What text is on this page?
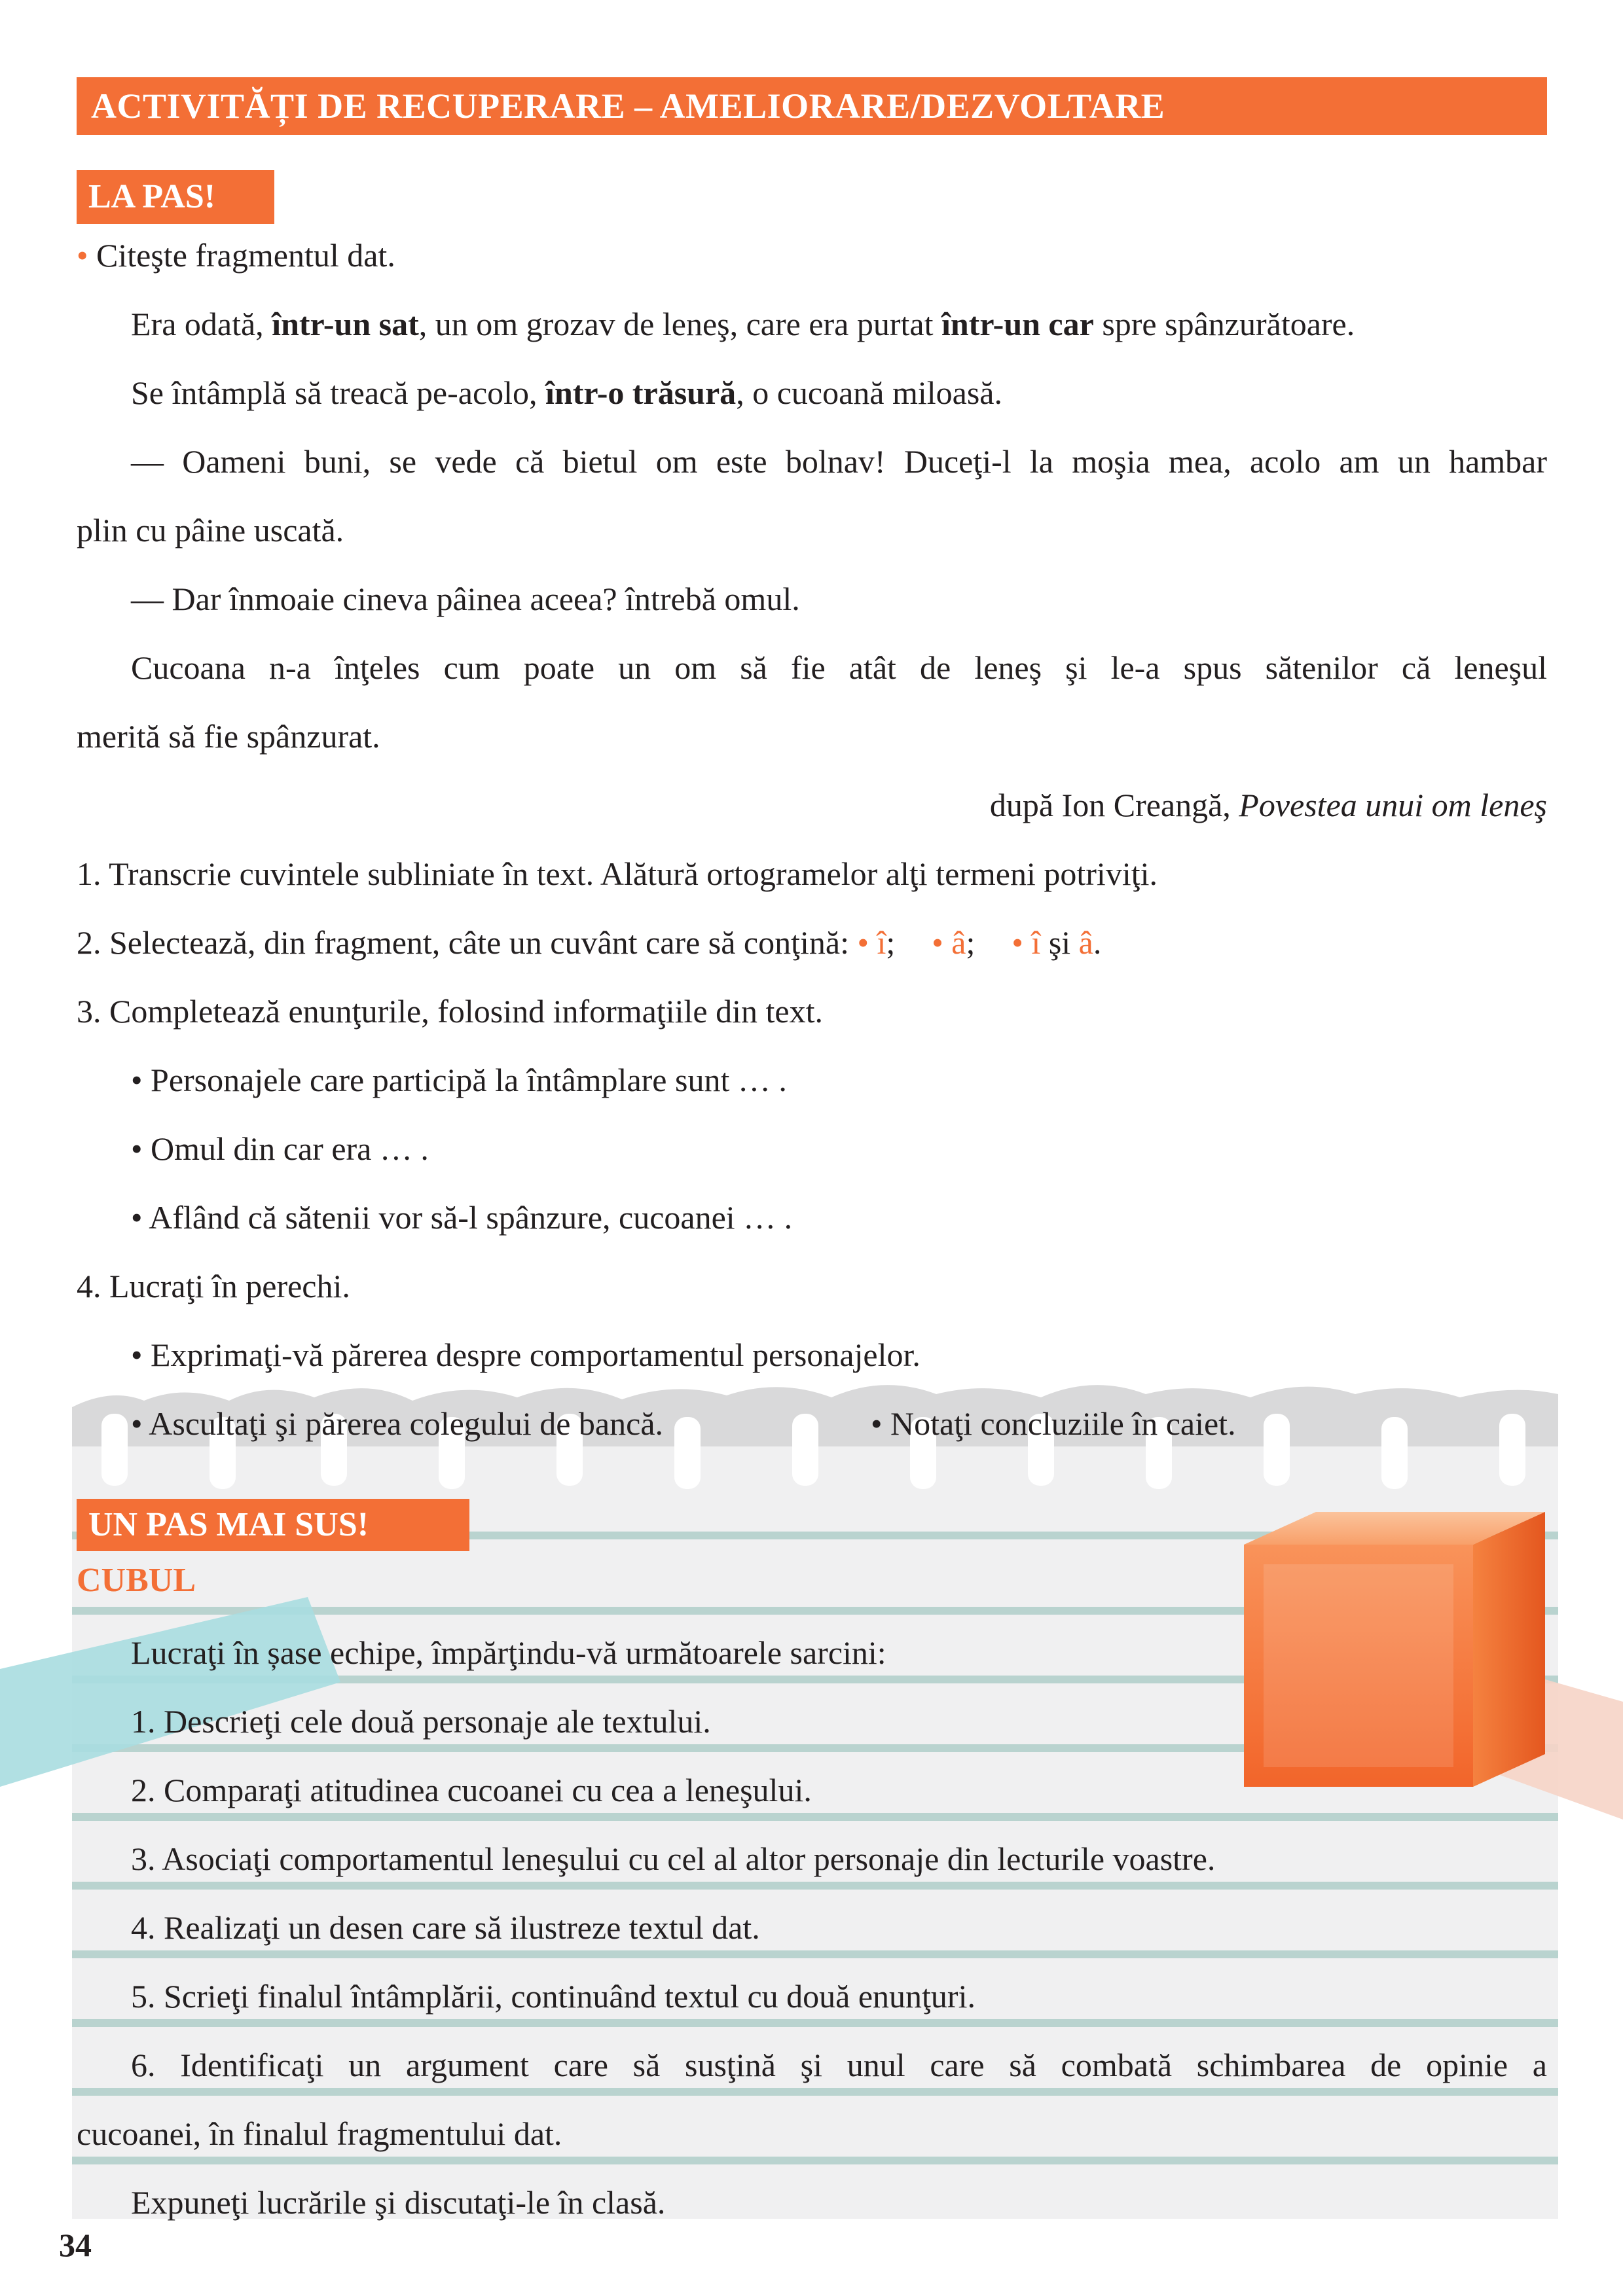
ACTIVITĂȚI DE RECUPERARE – AMELIORARE/DEZVOLTARE
LA PAS!
• Citeşte fragmentul dat.
Era odată, într-un sat, un om grozav de leneş, care era purtat într-un car spre spânzurătoare.
Se întâmplă să treacă pe-acolo, într-o trăsură, o cucoană miloasă.
— Oameni buni, se vede că bietul om este bolnav! Duceţi-l la moşia mea, acolo am un hambar
plin cu pâine uscată.
— Dar înmoaie cineva pâinea aceea? întrebă omul.
Cucoana n-a înţeles cum poate un om să fie atât de leneş şi le-a spus sătenilor că leneşul
merită să fie spânzurat.
după Ion Creangă, Povestea unui om leneş
1. Transcrie cuvintele subliniate în text. Alătură ortogramelor alţi termeni potriviţi.
2. Selectează, din fragment, câte un cuvânt care să conţină: • î; • â; • î şi â.
3. Completează enunţurile, folosind informaţiile din text.
• Personajele care participă la întâmplare sunt … .
• Omul din car era … .
• Aflând că sătenii vor să-l spânzure, cucoanei … .
4. Lucraţi în perechi.
• Exprimaţi-vă părerea despre comportamentul personajelor.
• Ascultaţi şi părerea colegului de bancă.	• Notaţi concluziile în caiet.
UN PAS MAI SUS!
CUBUL
Lucraţi în șase echipe, împărţindu-vă următoarele sarcini:
1. Descrieţi cele două personaje ale textului.
2. Comparaţi atitudinea cucoanei cu cea a leneşului.
3. Asociaţi comportamentul leneşului cu cel al altor personaje din lecturile voastre.
4. Realizaţi un desen care să ilustreze textul dat.
5. Scrieţi finalul întâmplării, continuând textul cu două enunţuri.
6. Identificaţi un argument care să susţină şi unul care să combată schimbarea de opinie a
cucoanei, în finalul fragmentului dat.
Expuneţi lucrările şi discutaţi-le în clasă.
34
